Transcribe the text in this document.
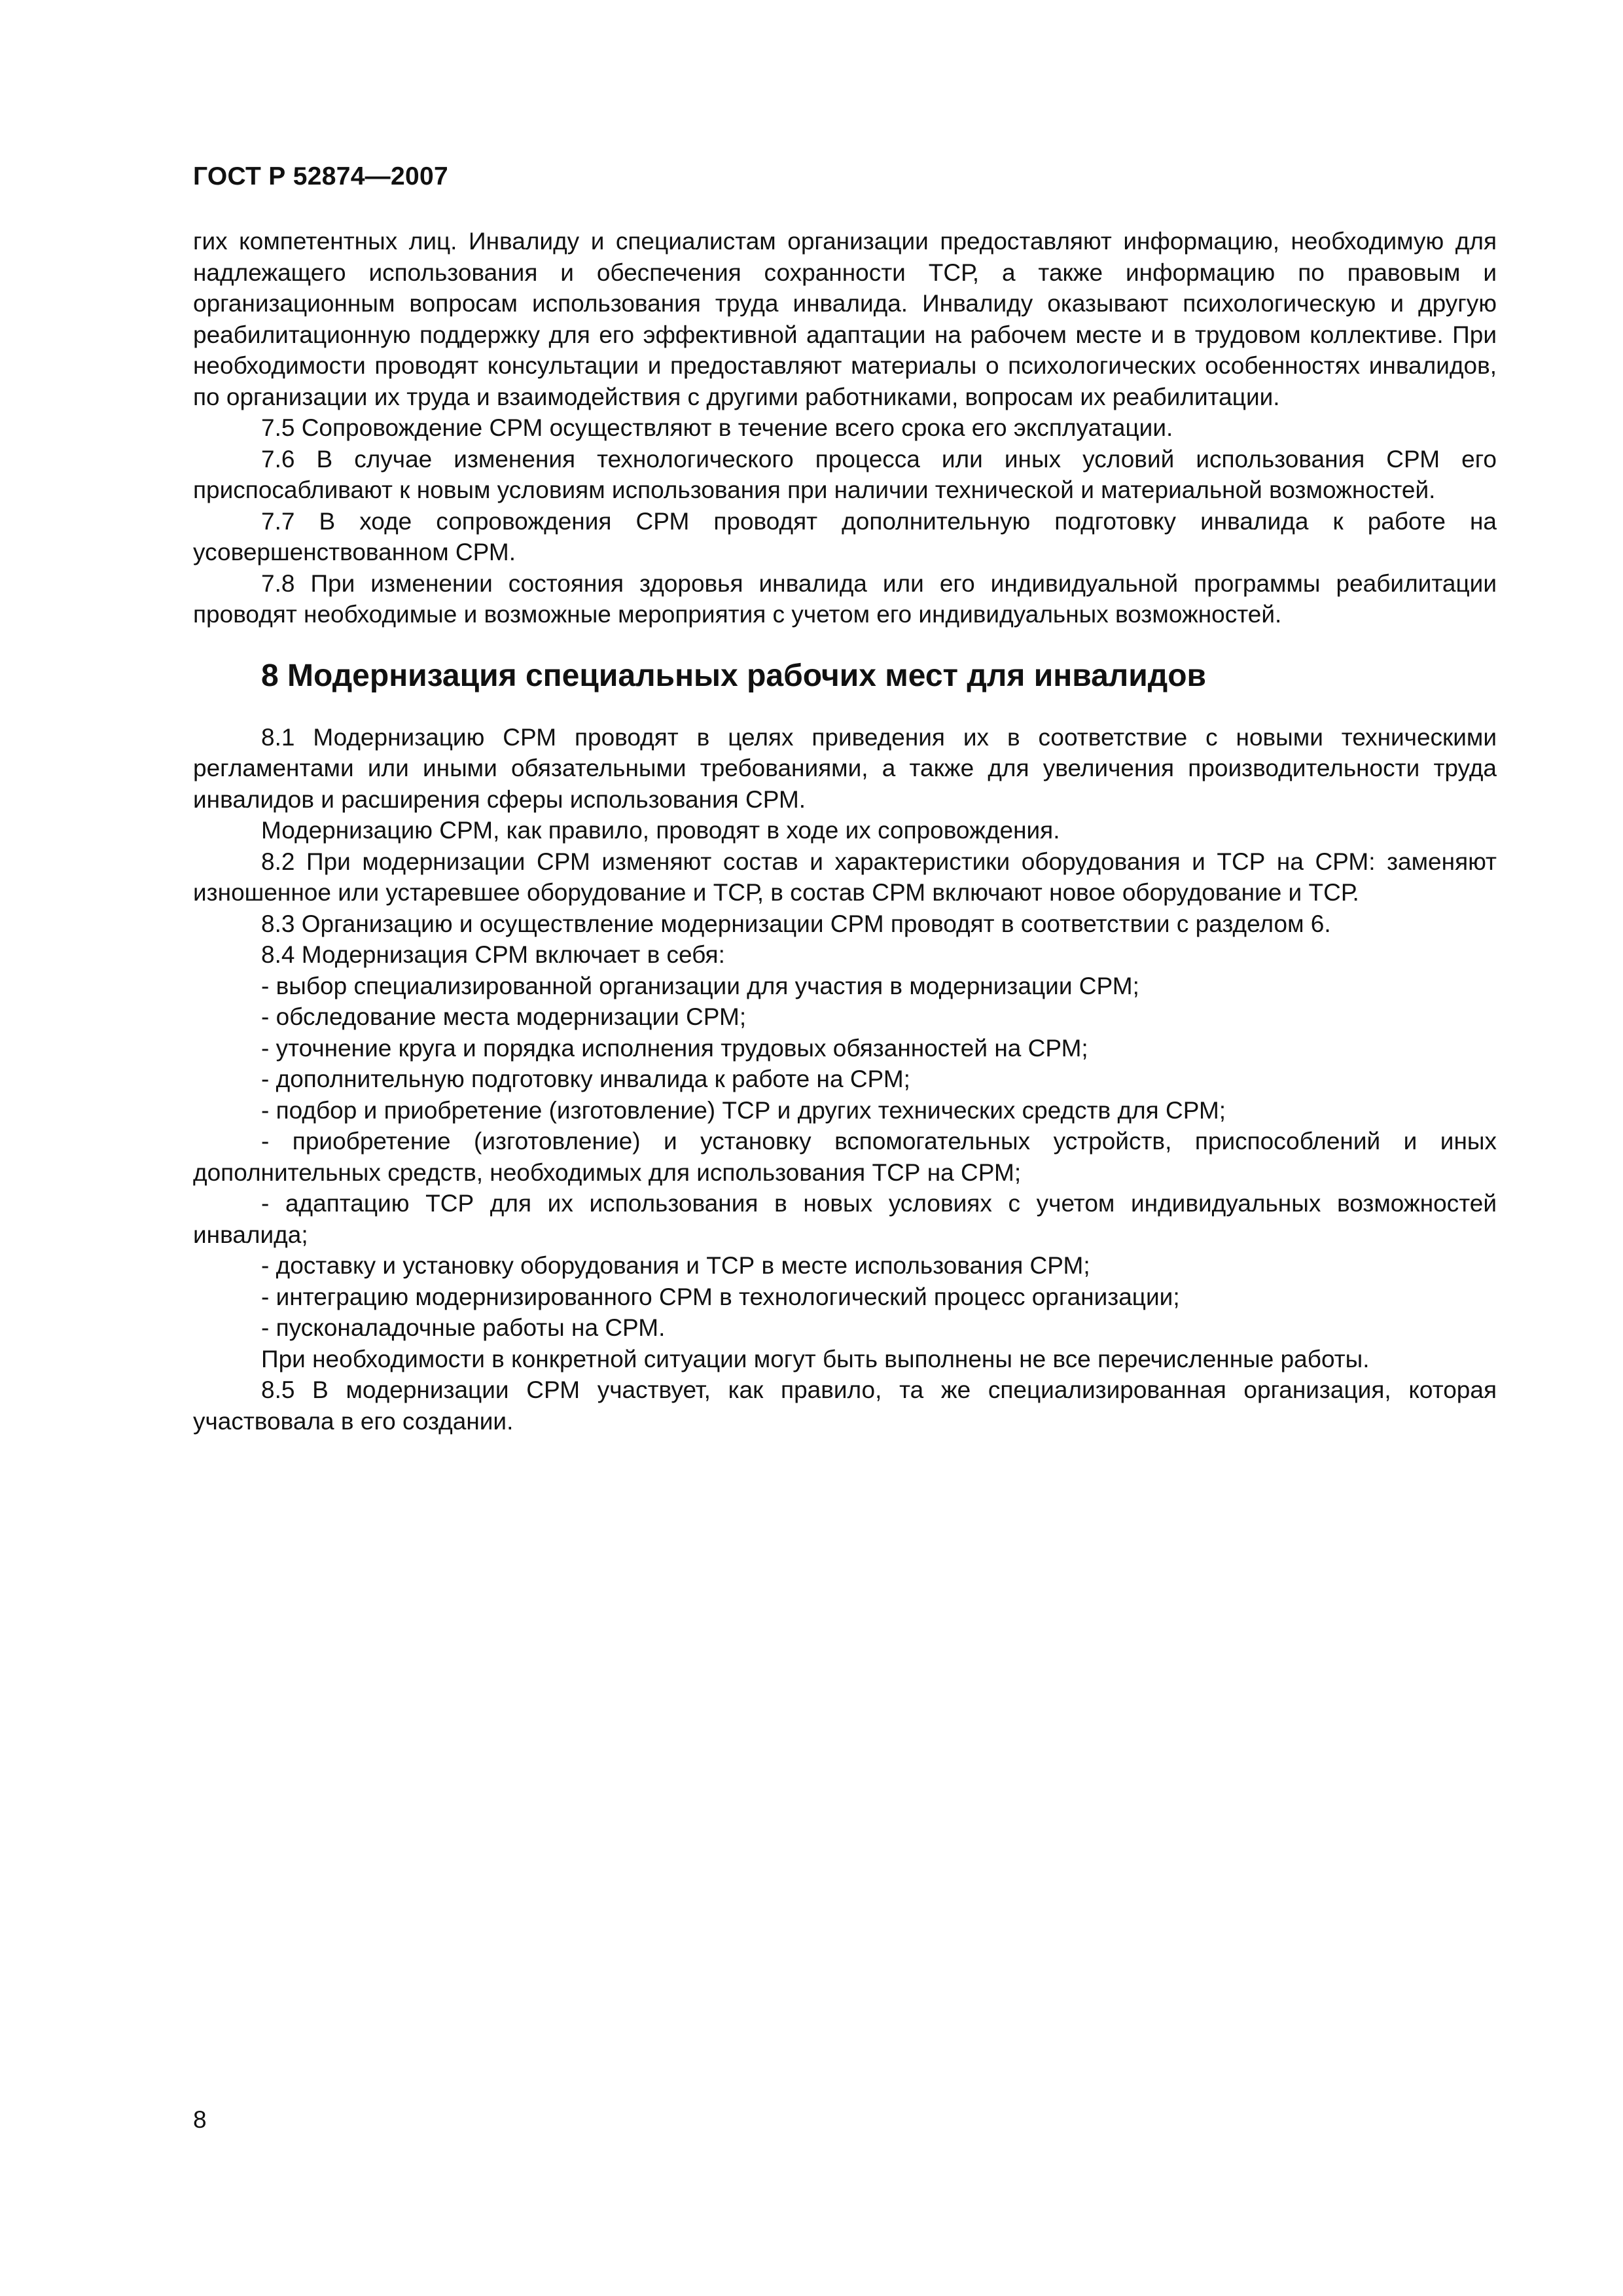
ГОСТ Р 52874—2007

гих компетентных лиц. Инвалиду и специалистам организации предоставляют информацию, необходимую для надлежащего использования и обеспечения сохранности ТСР, а также информацию по правовым и организационным вопросам использования труда инвалида. Инвалиду оказывают психологическую и другую реабилитационную поддержку для его эффективной адаптации на рабочем месте и в трудовом коллективе. При необходимости проводят консультации и предоставляют материалы о психологических особенностях инвалидов, по организации их труда и взаимодействия с другими работниками, вопросам их реабилитации.

7.5 Сопровождение СРМ осуществляют в течение всего срока его эксплуатации.

7.6 В случае изменения технологического процесса или иных условий использования СРМ его приспосабливают к новым условиям использования при наличии технической и материальной возможностей.

7.7 В ходе сопровождения СРМ проводят дополнительную подготовку инвалида к работе на усовершенствованном СРМ.

7.8 При изменении состояния здоровья инвалида или его индивидуальной программы реабилитации проводят необходимые и возможные мероприятия с учетом его индивидуальных возможностей.

8 Модернизация специальных рабочих мест для инвалидов

8.1 Модернизацию СРМ проводят в целях приведения их в соответствие с новыми техническими регламентами или иными обязательными требованиями, а также для увеличения производительности труда инвалидов и расширения сферы использования СРМ.

Модернизацию СРМ, как правило, проводят в ходе их сопровождения.

8.2 При модернизации СРМ изменяют состав и характеристики оборудования и ТСР на СРМ: заменяют изношенное или устаревшее оборудование и ТСР, в состав СРМ включают новое оборудование и ТСР.

8.3 Организацию и осуществление модернизации СРМ проводят в соответствии с разделом 6.

8.4 Модернизация СРМ включает в себя:

- выбор специализированной организации для участия в модернизации СРМ;

- обследование места модернизации СРМ;

- уточнение круга и порядка исполнения трудовых обязанностей на СРМ;

- дополнительную подготовку инвалида к работе на СРМ;

- подбор и приобретение (изготовление) ТСР и других технических средств для СРМ;

- приобретение (изготовление) и установку вспомогательных устройств, приспособлений и иных дополнительных средств, необходимых для использования ТСР на СРМ;

- адаптацию ТСР для их использования в новых условиях с учетом индивидуальных возможностей инвалида;

- доставку и установку оборудования и ТСР в месте использования СРМ;

- интеграцию модернизированного СРМ в технологический процесс организации;

- пусконаладочные работы на СРМ.

При необходимости в конкретной ситуации могут быть выполнены не все перечисленные работы.

8.5 В модернизации СРМ участвует, как правило, та же специализированная организация, которая участвовала в его создании.

8
